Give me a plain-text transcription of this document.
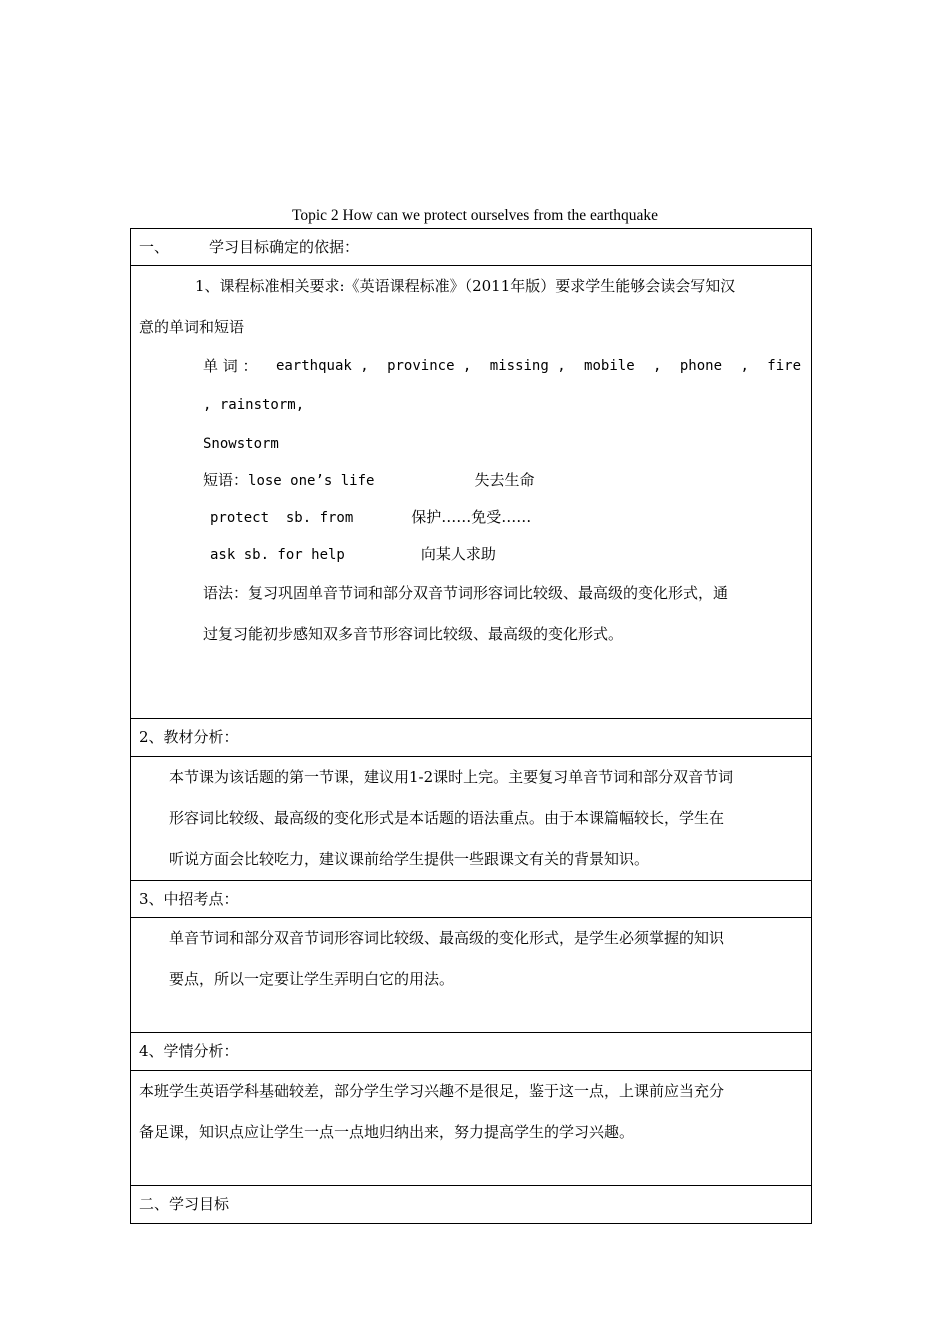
Topic 2 How can we protect ourselves from the earthquake
一、	学习目标确定的依据：

1、课程标准相关要求:《英语课程标准》（2011年版）要求学生能够会读会写知汉
意的单词和短语
单 词 ： earthquak , province , missing , mobile , phone , fire
, rainstorm,
Snowstorm
短语：lose one’s life	失去生命
protect  sb. from	保护……免受……
ask sb. for help	向某人求助
语法：复习巩固单音节词和部分双音节词形容词比较级、最高级的变化形式，通
过复习能初步感知双多音节形容词比较级、最高级的变化形式。

2、教材分析：

本节课为该话题的第一节课，建议用1-2课时上完。主要复习单音节词和部分双音节词
形容词比较级、最高级的变化形式是本话题的语法重点。由于本课篇幅较长，学生在
听说方面会比较吃力，建议课前给学生提供一些跟课文有关的背景知识。

3、中招考点：

单音节词和部分双音节词形容词比较级、最高级的变化形式，是学生必须掌握的知识
要点，所以一定要让学生弄明白它的用法。

4、学情分析：

本班学生英语学科基础较差，部分学生学习兴趣不是很足，鉴于这一点，上课前应当充分
备足课，知识点应让学生一点一点地归纳出来，努力提高学生的学习兴趣。

二、学习目标
